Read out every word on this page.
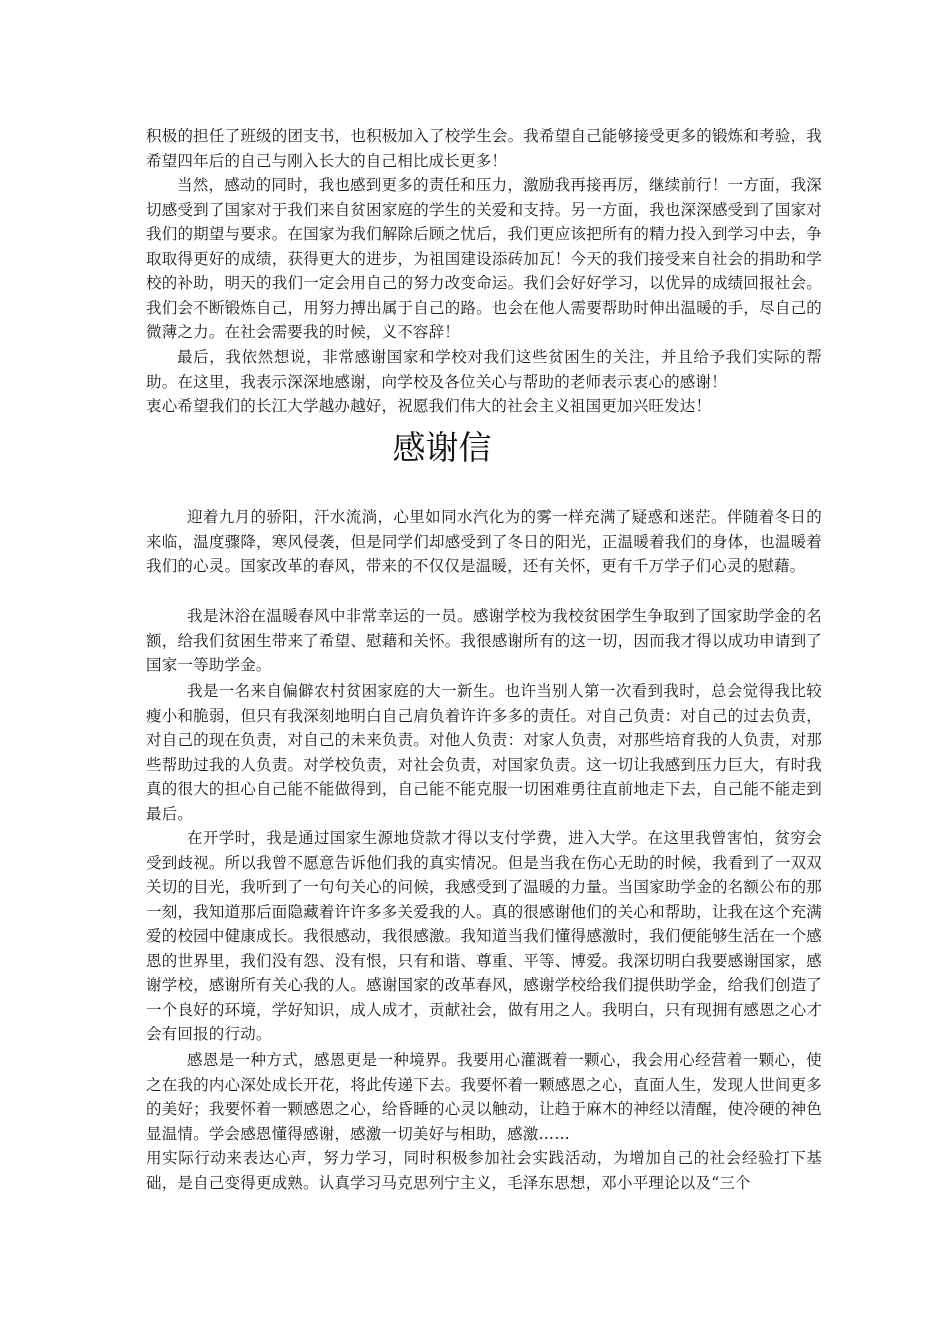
积极的担任了班级的团支书，也积极加入了校学生会。我希望自己能够接受更多的锻炼和考验，我希望四年后的自己与刚入长大的自己相比成长更多！

当然，感动的同时，我也感到更多的责任和压力，激励我再接再厉，继续前行！一方面，我深切感受到了国家对于我们来自贫困家庭的学生的关爱和支持。另一方面，我也深深感受到了国家对我们的期望与要求。在国家为我们解除后顾之忧后，我们更应该把所有的精力投入到学习中去，争取取得更好的成绩，获得更大的进步，为祖国建设添砖加瓦！今天的我们接受来自社会的捐助和学校的补助，明天的我们一定会用自己的努力改变命运。我们会好好学习，以优异的成绩回报社会。我们会不断锻炼自己，用努力搏出属于自己的路。也会在他人需要帮助时伸出温暖的手，尽自己的微薄之力。在社会需要我的时候，义不容辞！

最后，我依然想说，非常感谢国家和学校对我们这些贫困生的关注，并且给予我们实际的帮助。在这里，我表示深深地感谢，向学校及各位关心与帮助的老师表示衷心的感谢！

衷心希望我们的长江大学越办越好，祝愿我们伟大的社会主义祖国更加兴旺发达！

感谢信

迎着九月的骄阳，汗水流淌，心里如同水汽化为的雾一样充满了疑惑和迷茫。伴随着冬日的来临，温度骤降，寒风侵袭，但是同学们却感受到了冬日的阳光，正温暖着我们的身体，也温暖着我们的心灵。国家改革的春风，带来的不仅仅是温暖，还有关怀，更有千万学子们心灵的慰藉。

我是沐浴在温暖春风中非常幸运的一员。感谢学校为我校贫困学生争取到了国家助学金的名额，给我们贫困生带来了希望、慰藉和关怀。我很感谢所有的这一切，因而我才得以成功申请到了国家一等助学金。

我是一名来自偏僻农村贫困家庭的大一新生。也许当别人第一次看到我时，总会觉得我比较瘦小和脆弱，但只有我深刻地明白自己肩负着许许多多的责任。对自己负责：对自己的过去负责，对自己的现在负责，对自己的未来负责。对他人负责：对家人负责，对那些培育我的人负责，对那些帮助过我的人负责。对学校负责，对社会负责，对国家负责。这一切让我感到压力巨大，有时我真的很大的担心自己能不能做得到，自己能不能克服一切困难勇往直前地走下去，自己能不能走到最后。

在开学时，我是通过国家生源地贷款才得以支付学费，进入大学。在这里我曾害怕，贫穷会受到歧视。所以我曾不愿意告诉他们我的真实情况。但是当我在伤心无助的时候，我看到了一双双关切的目光，我听到了一句句关心的问候，我感受到了温暖的力量。当国家助学金的名额公布的那一刻，我知道那后面隐藏着许许多多关爱我的人。真的很感谢他们的关心和帮助，让我在这个充满爱的校园中健康成长。我很感动，我很感激。我知道当我们懂得感激时，我们便能够生活在一个感恩的世界里，我们没有怨、没有恨，只有和谐、尊重、平等、博爱。我深切明白我要感谢国家，感谢学校，感谢所有关心我的人。感谢国家的改革春风，感谢学校给我们提供助学金，给我们创造了一个良好的环境，学好知识，成人成才，贡献社会，做有用之人。我明白，只有现拥有感恩之心才会有回报的行动。

感恩是一种方式，感恩更是一种境界。我要用心灌溉着一颗心，我会用心经营着一颗心，使之在我的内心深处成长开花，将此传递下去。我要怀着一颗感恩之心，直面人生，发现人世间更多的美好；我要怀着一颗感恩之心，给昏睡的心灵以触动，让趋于麻木的神经以清醒，使冷硬的神色显温情。学会感恩懂得感谢，感激一切美好与相助，感激……

用实际行动来表达心声，努力学习，同时积极参加社会实践活动，为增加自己的社会经验打下基础，是自己变得更成熟。认真学习马克思列宁主义，毛泽东思想，邓小平理论以及“三个
